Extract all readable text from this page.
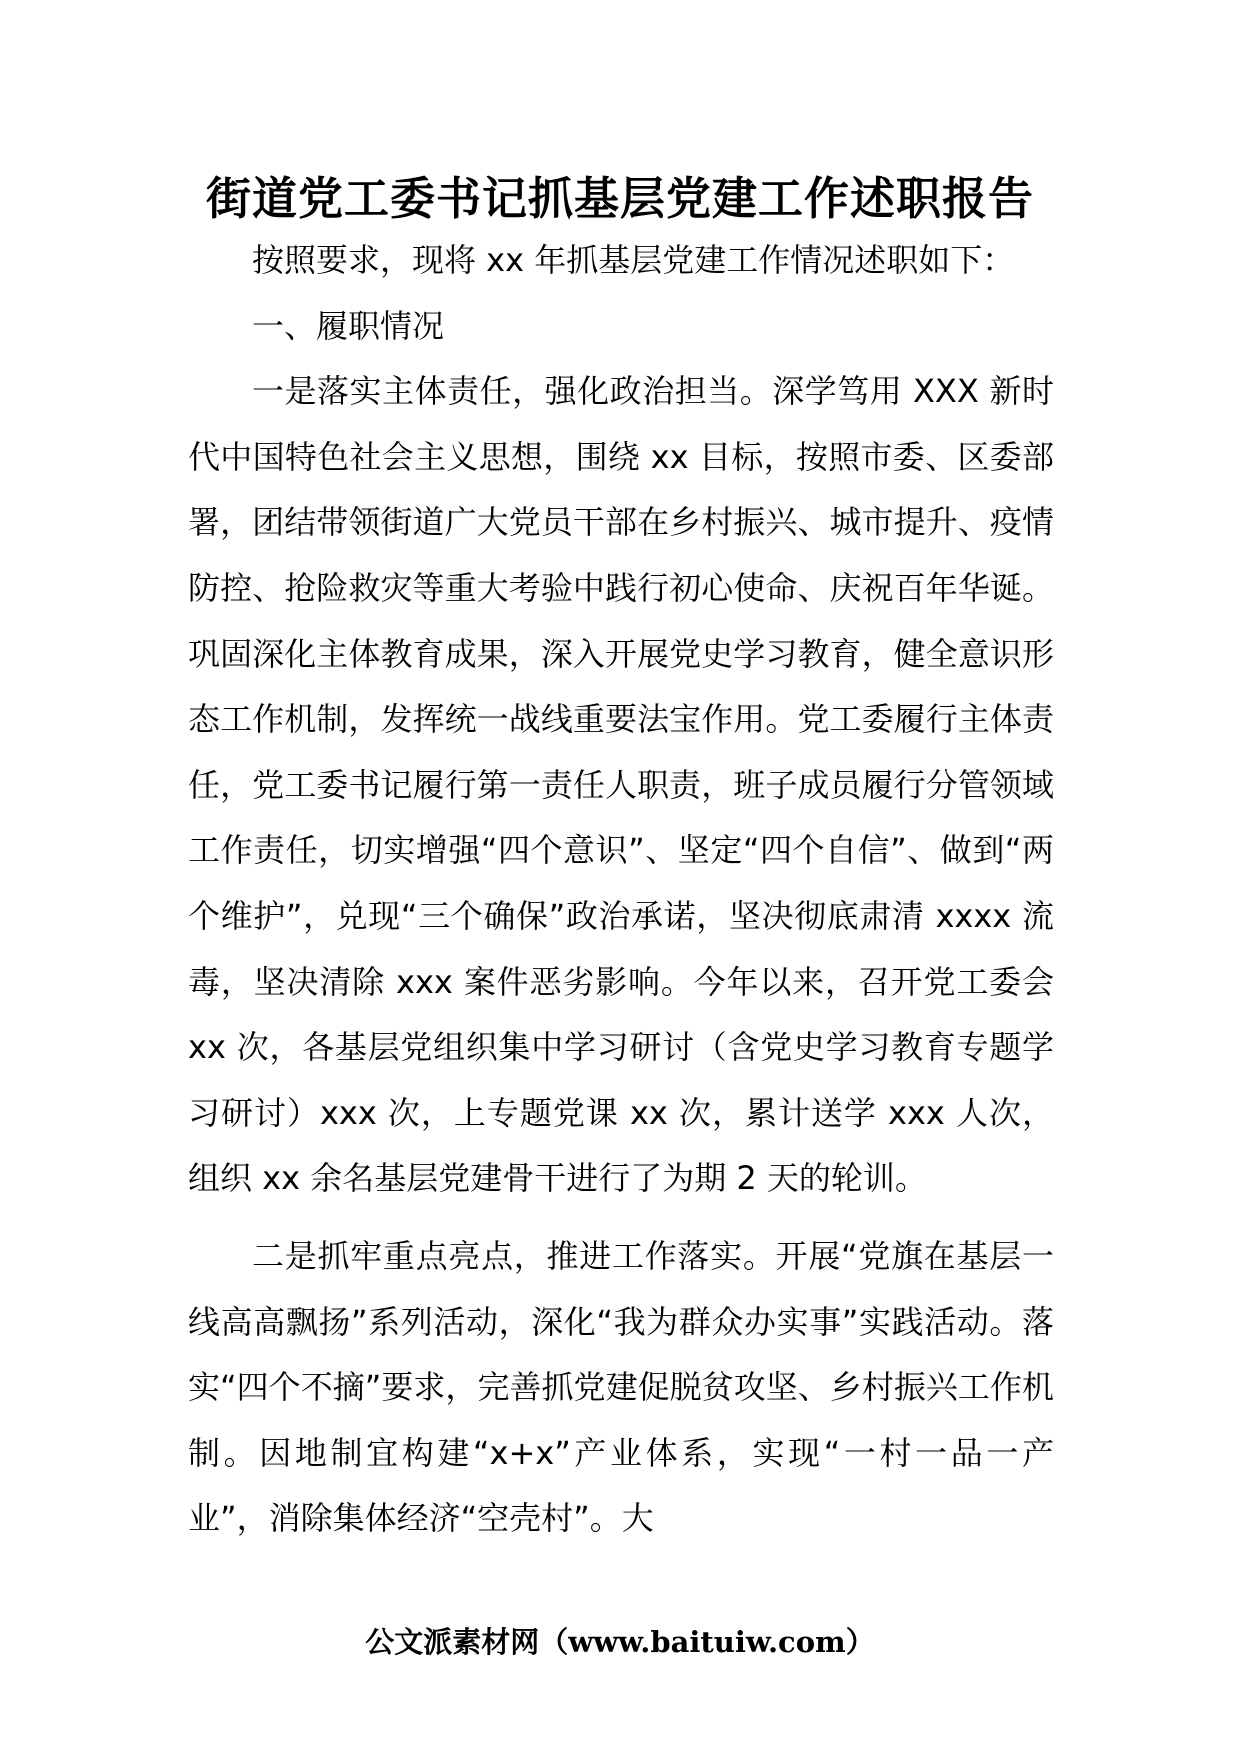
街道党工委书记抓基层党建工作述职报告

按照要求，现将 xx 年抓基层党建工作情况述职如下：

一、履职情况

一是落实主体责任，强化政治担当。深学笃用 XXX 新时代中国特色社会主义思想，围绕 xx 目标，按照市委、区委部署，团结带领街道广大党员干部在乡村振兴、城市提升、疫情防控、抢险救灾等重大考验中践行初心使命、庆祝百年华诞。巩固深化主体教育成果，深入开展党史学习教育，健全意识形态工作机制，发挥统一战线重要法宝作用。党工委履行主体责任，党工委书记履行第一责任人职责，班子成员履行分管领域工作责任，切实增强“四个意识”、坚定“四个自信”、做到“两个维护”，兑现“三个确保”政治承诺，坚决彻底肃清 xxxx 流毒，坚决清除 xxx 案件恶劣影响。今年以来，召开党工委会 xx 次，各基层党组织集中学习研讨（含党史学习教育专题学习研讨）xxx 次，上专题党课 xx 次，累计送学 xxx 人次，组织 xx 余名基层党建骨干进行了为期 2 天的轮训。

二是抓牢重点亮点，推进工作落实。开展“党旗在基层一线高高飘扬”系列活动，深化“我为群众办实事”实践活动。落实“四个不摘”要求，完善抓党建促脱贫攻坚、乡村振兴工作机制。因地制宜构建“x+x”产业体系，实现“一村一品一产业”，消除集体经济“空壳村”。大

公文派素材网（www.baituiw.com）
